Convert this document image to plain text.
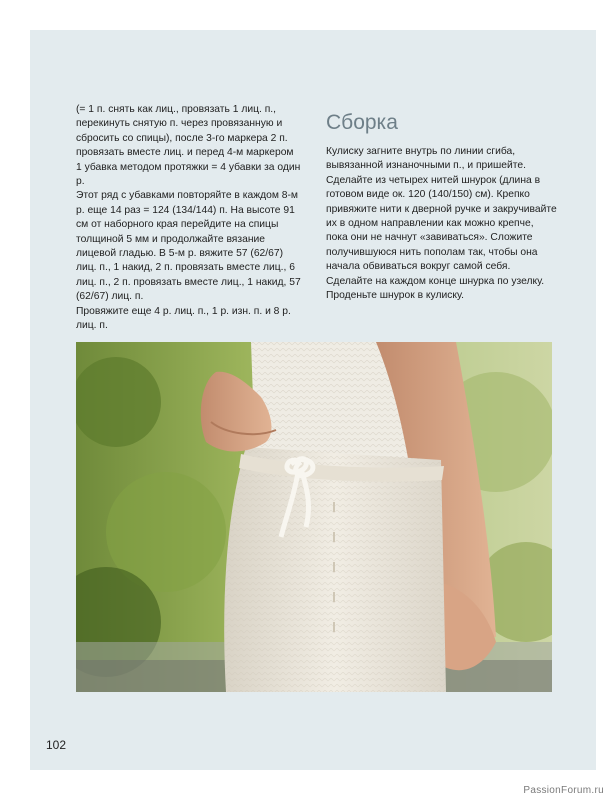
(= 1 п. снять как лиц., провязать 1 лиц. п., перекинуть снятую п. через провязанную и сбросить со спицы), после 3-го маркера 2 п. провязать вместе лиц. и перед 4-м маркером 1 убавка методом протяжки = 4 убавки за один р.

Этот ряд с убавками повторяйте в каждом 8-м р. еще 14 раз = 124 (134/144) п. На высоте 91 см от наборного края перейдите на спицы толщиной 5 мм и продолжайте вязание лицевой гладью. В 5-м р. вяжите 57 (62/67) лиц. п., 1 накид, 2 п. провязать вместе лиц., 6 лиц. п., 2 п. провязать вместе лиц., 1 накид, 57 (62/67) лиц. п.

Провяжите еще 4 р. лиц. п., 1 р. изн. п. и 8 р. лиц. п.

Сборка

Кулиску загните внутрь по линии сгиба, вывязанной изнаночными п., и пришейте. Сделайте из четырех нитей шнурок (длина в готовом виде ок. 120 (140/150) см). Крепко привяжите нити к дверной ручке и закручивайте их в одном направлении как можно крепче, пока они не начнут «завиваться». Сложите получившуюся нить пополам так, чтобы она начала обвиваться вокруг самой себя. Сделайте на каждом конце шнурка по узелку. Проденьте шнурок в кулиску.

102
PassionForum.ru
